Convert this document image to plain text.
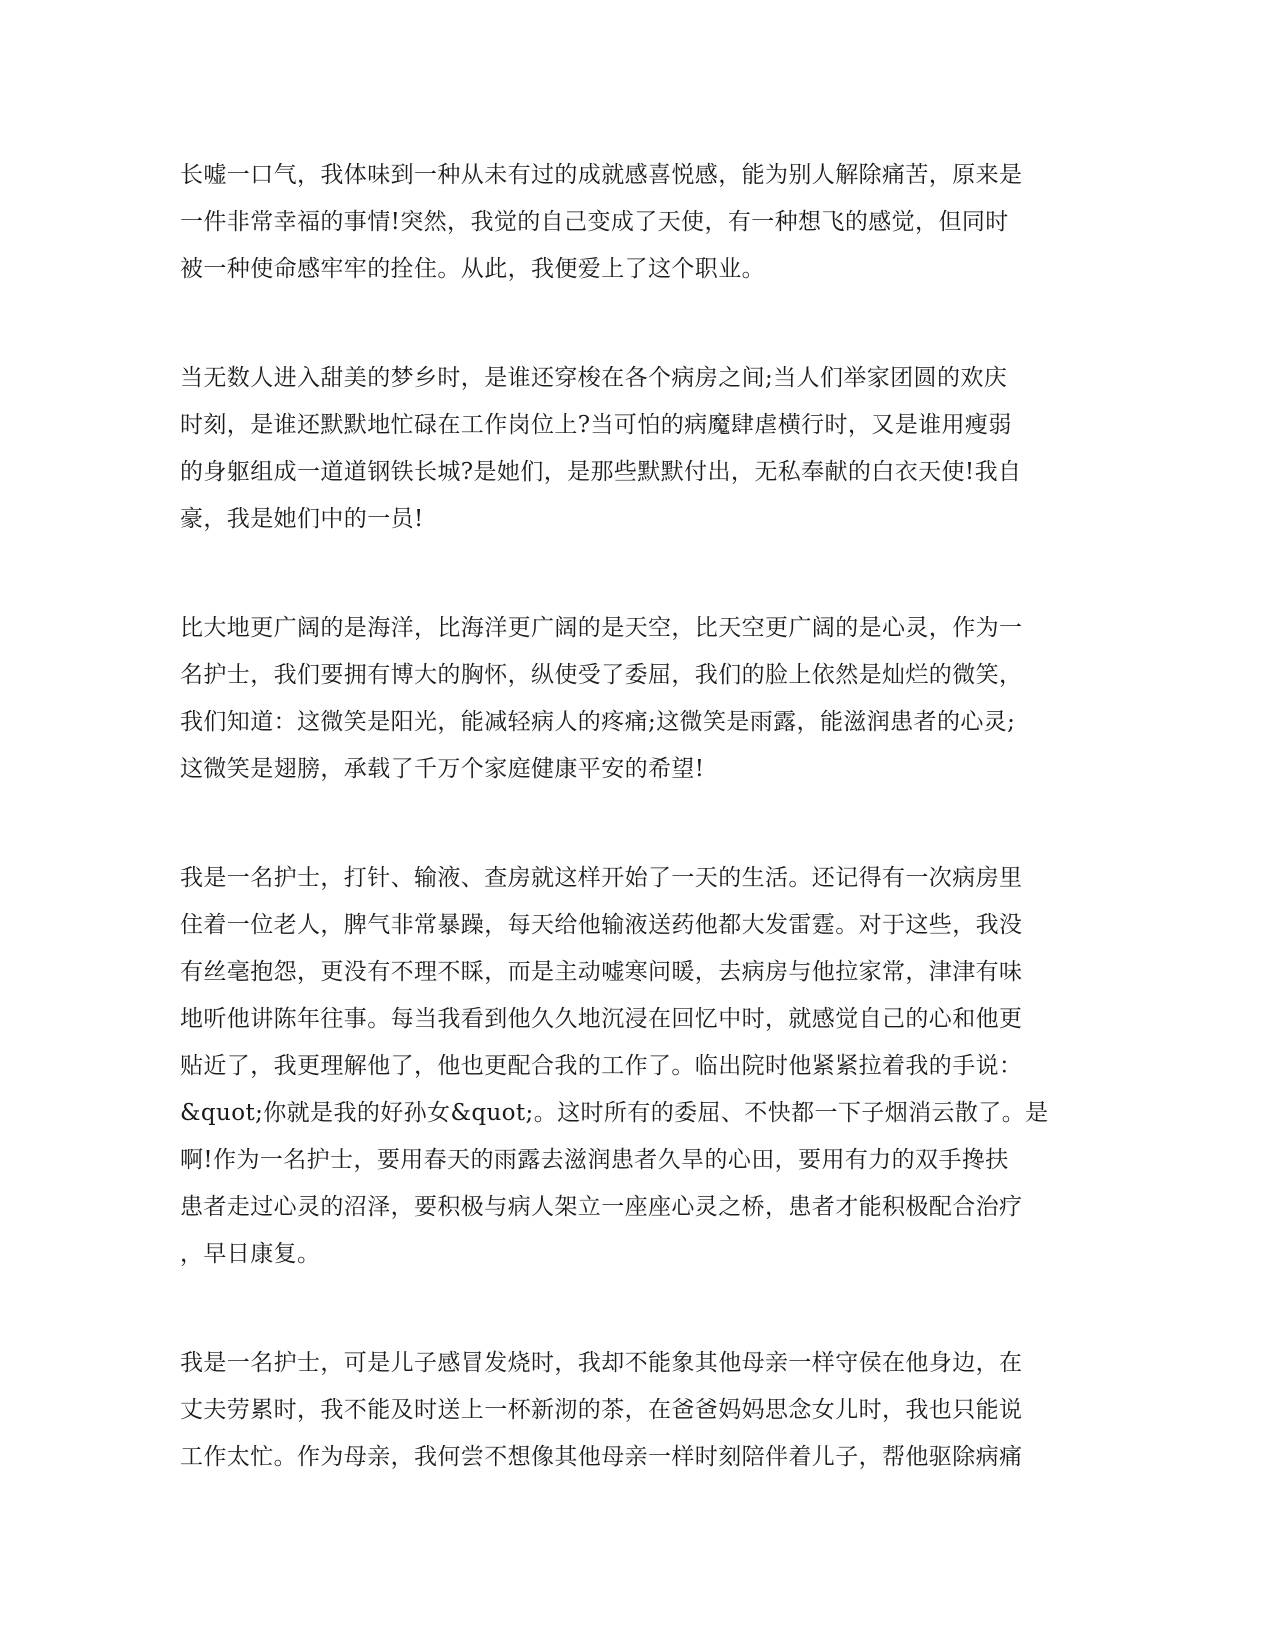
长嘘一口气，我体味到一种从未有过的成就感喜悦感，能为别人解除痛苦，原来是
一件非常幸福的事情!突然，我觉的自己变成了天使，有一种想飞的感觉，但同时
被一种使命感牢牢的拴住。从此，我便爱上了这个职业。
当无数人进入甜美的梦乡时，是谁还穿梭在各个病房之间;当人们举家团圆的欢庆
时刻，是谁还默默地忙碌在工作岗位上?当可怕的病魔肆虐横行时，又是谁用瘦弱
的身躯组成一道道钢铁长城?是她们，是那些默默付出，无私奉献的白衣天使!我自
豪，我是她们中的一员!
比大地更广阔的是海洋，比海洋更广阔的是天空，比天空更广阔的是心灵，作为一
名护士，我们要拥有博大的胸怀，纵使受了委屈，我们的脸上依然是灿烂的微笑，
我们知道：这微笑是阳光，能减轻病人的疼痛;这微笑是雨露，能滋润患者的心灵;
这微笑是翅膀，承载了千万个家庭健康平安的希望!
我是一名护士，打针、输液、查房就这样开始了一天的生活。还记得有一次病房里
住着一位老人，脾气非常暴躁，每天给他输液送药他都大发雷霆。对于这些，我没
有丝毫抱怨，更没有不理不睬，而是主动嘘寒问暖，去病房与他拉家常，津津有味
地听他讲陈年往事。每当我看到他久久地沉浸在回忆中时，就感觉自己的心和他更
贴近了，我更理解他了，他也更配合我的工作了。临出院时他紧紧拉着我的手说：
&quot;你就是我的好孙女&quot;。这时所有的委屈、不快都一下子烟消云散了。是
啊!作为一名护士，要用春天的雨露去滋润患者久旱的心田，要用有力的双手搀扶
患者走过心灵的沼泽，要积极与病人架立一座座心灵之桥，患者才能积极配合治疗
，早日康复。
我是一名护士，可是儿子感冒发烧时，我却不能象其他母亲一样守侯在他身边，在
丈夫劳累时，我不能及时送上一杯新沏的茶，在爸爸妈妈思念女儿时，我也只能说
工作太忙。作为母亲，我何尝不想像其他母亲一样时刻陪伴着儿子，帮他驱除病痛
